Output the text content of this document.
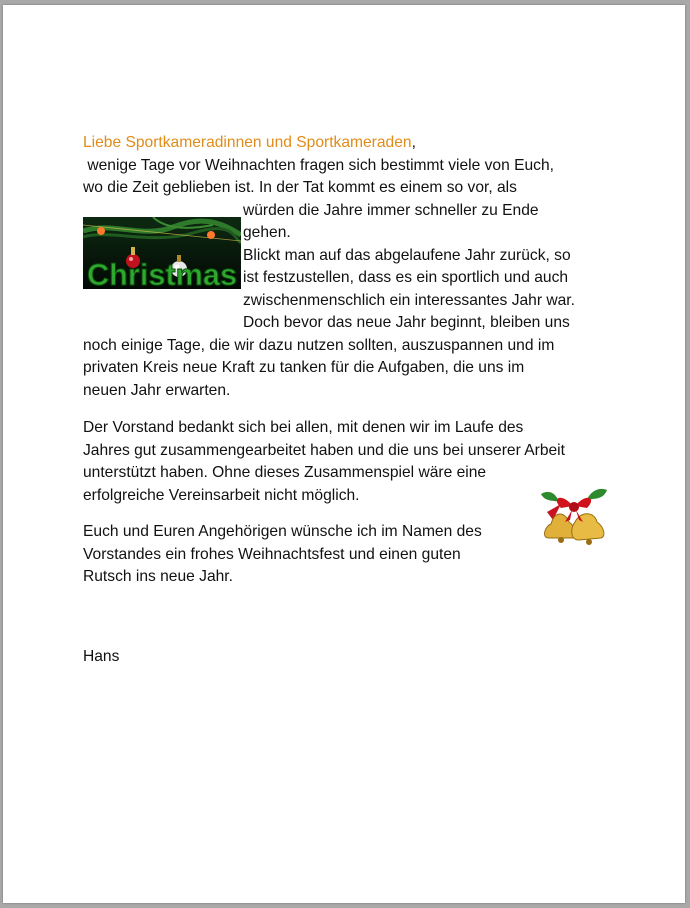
Liebe Sportkameradinnen und Sportkameraden,
wenige Tage vor Weihnachten fragen sich bestimmt viele von Euch,
wo die Zeit geblieben ist. In der Tat kommt es einem so vor, als
würden die Jahre immer schneller zu Ende
gehen.
Blickt man auf das abgelaufene Jahr zurück, so
ist festzustellen, dass es ein sportlich und auch
zwischenmenschlich ein interessantes Jahr war.
Doch bevor das neue Jahr beginnt, bleiben uns
noch einige Tage, die wir dazu nutzen sollten, auszuspannen und im
privaten Kreis neue Kraft zu tanken für die Aufgaben, die uns im
neuen Jahr erwarten.
Der Vorstand bedankt sich bei allen, mit denen wir im Laufe des
Jahres gut zusammengearbeitet haben und die uns bei unserer Arbeit
unterstützt haben. Ohne dieses Zusammenspiel wäre eine
erfolgreiche Vereinsarbeit nicht möglich.
Euch und Euren Angehörigen wünsche ich im Namen des
Vorstandes ein frohes Weihnachtsfest und einen guten
Rutsch ins neue Jahr.
Hans
Christmas
